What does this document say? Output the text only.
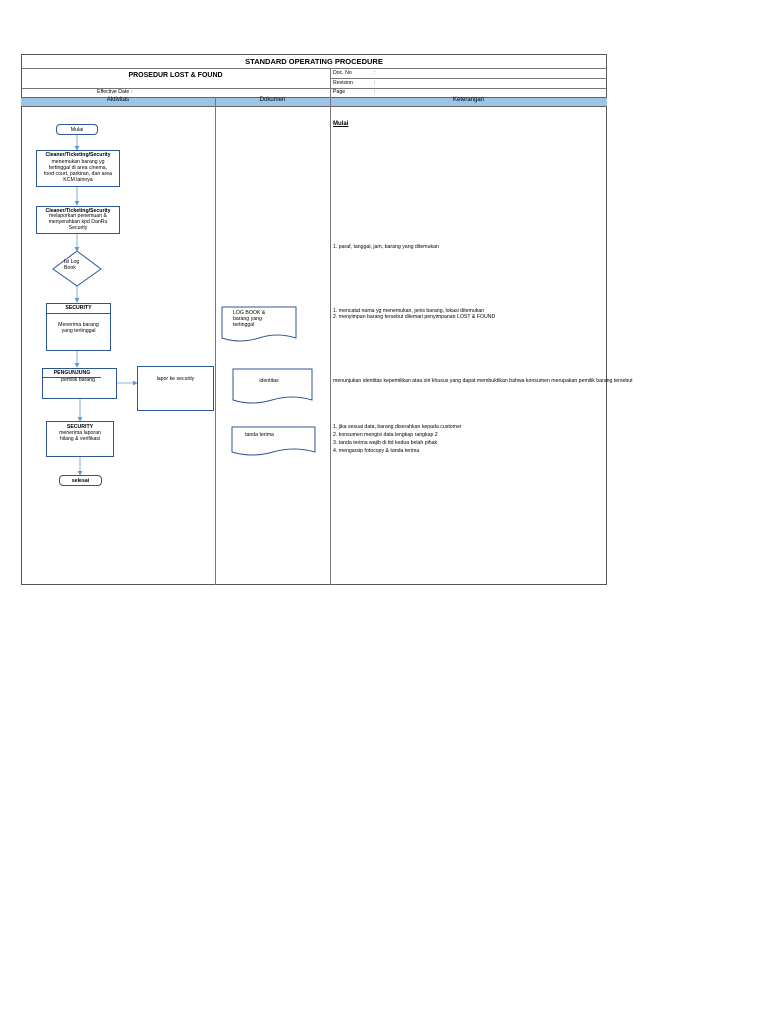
STANDARD OPERATING PROCEDURE
PROSEDUR LOST & FOUND	Doc. No	:
Revision	:
Effective Date :	Page	:
Aktivitas	Dokumen	Keterangan
Mulai
Cleaner/Ticketing/Security
menemukan barang yg
tertinggal di area cinema,
food court, parkiran, dan area
KCM lainnya
Cleaner/Ticketing/Security
melaporkan penemuan &
menyerahkan kpd DanRu
Security
Isi Log
Book
SECURITY
Menerima barang
yang tertinggal
PENGUNJUNG
pemilik barang	lapor ke security
SECURITY
menerima laporan
hilang & verifikasi
selesai
LOG BOOK &
barang yang
tertinggal
identitas
tanda terima
Mulai
1. paraf, tanggal, jam, barang yang ditemukan
1. mencatat nama yg menemukan, jenis barang, lokasi ditemukan
2. menyimpan barang tersebut dilemari penyimpanan LOST & FOUND
menunjukan identitas kepemilikan atau siri khusus yang dapat membuktikan bahwa konsumen merupakan pemilik barang tersebut
1. jika sesuai data, barang diserahkan kepada customer
2. konsumen mengisi data lengkap rangkap 2
3. tanda terima wajib di ttd kedua belah pihak
4. mengarsip fotocopy & tanda terima
